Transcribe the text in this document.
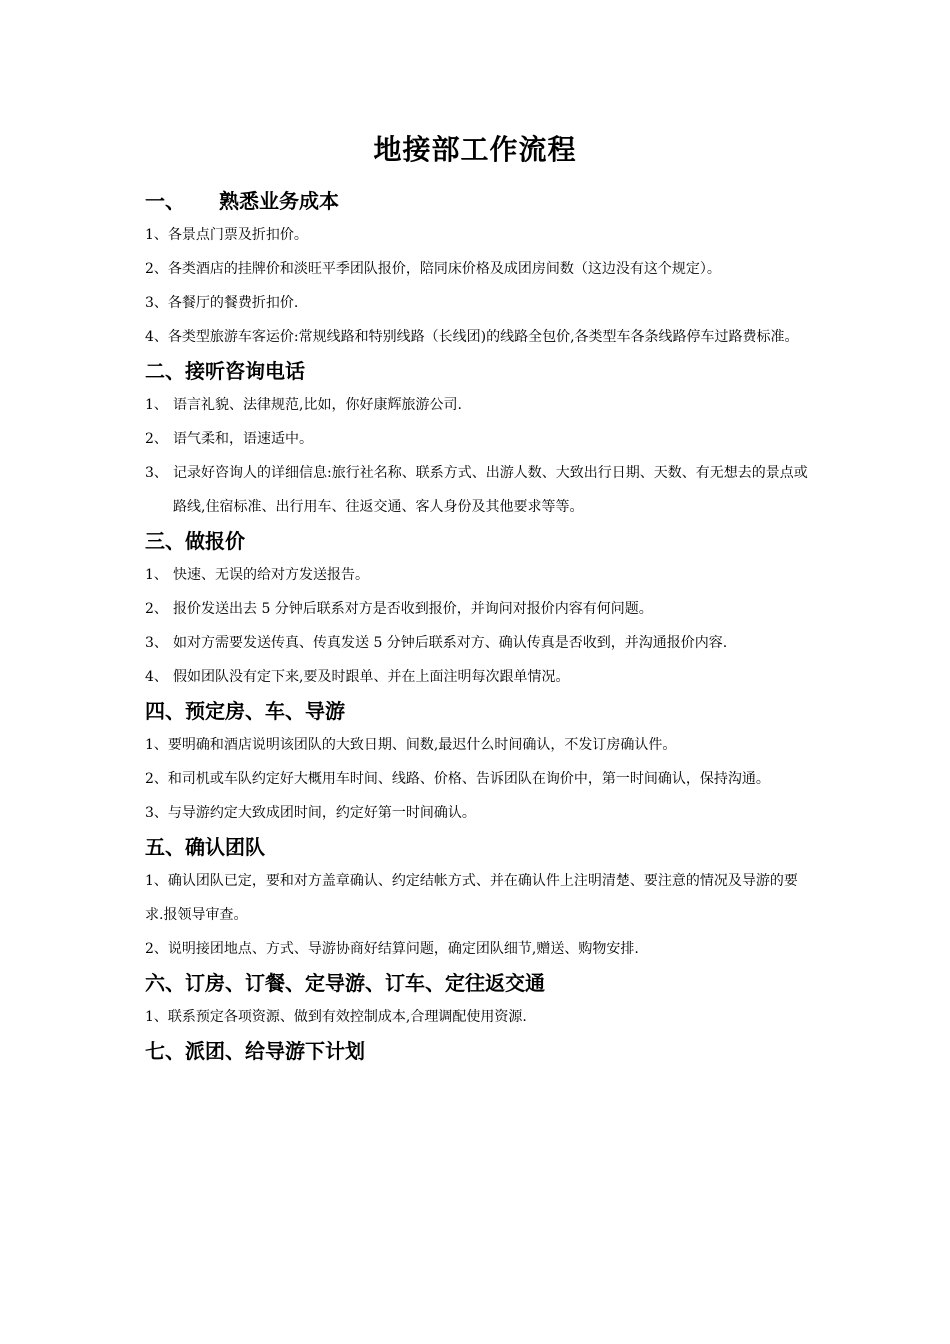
地接部工作流程

一、 熟悉业务成本

1、各景点门票及折扣价。

2、各类酒店的挂牌价和淡旺平季团队报价，陪同床价格及成团房间数（这边没有这个规定）。

3、各餐厅的餐费折扣价.

4、各类型旅游车客运价:常规线路和特别线路（长线团)的线路全包价,各类型车各条线路停车过路费标准。

二、接听咨询电话

1、 语言礼貌、法律规范,比如，你好康辉旅游公司.
2、 语气柔和，语速适中。
3、 记录好咨询人的详细信息:旅行社名称、联系方式、出游人数、大致出行日期、天数、有无想去的景点或路线,住宿标准、出行用车、往返交通、客人身份及其他要求等等。

三、做报价

1、 快速、无误的给对方发送报告。
2、 报价发送出去 5 分钟后联系对方是否收到报价，并询问对报价内容有何问题。
3、 如对方需要发送传真、传真发送 5 分钟后联系对方、确认传真是否收到，并沟通报价内容.
4、 假如团队没有定下来,要及时跟单、并在上面注明每次跟单情况。

四、预定房、车、导游

1、要明确和酒店说明该团队的大致日期、间数,最迟什么时间确认，不发订房确认件。

2、和司机或车队约定好大概用车时间、线路、价格、告诉团队在询价中，第一时间确认，保持沟通。

3、与导游约定大致成团时间，约定好第一时间确认。

五、确认团队

1、确认团队已定，要和对方盖章确认、约定结帐方式、并在确认件上注明清楚、要注意的情况及导游的要求.报领导审查。

2、说明接团地点、方式、导游协商好结算问题，确定团队细节,赠送、购物安排.

六、订房、订餐、定导游、订车、定往返交通

1、联系预定各项资源、做到有效控制成本,合理调配使用资源.

七、派团、给导游下计划
